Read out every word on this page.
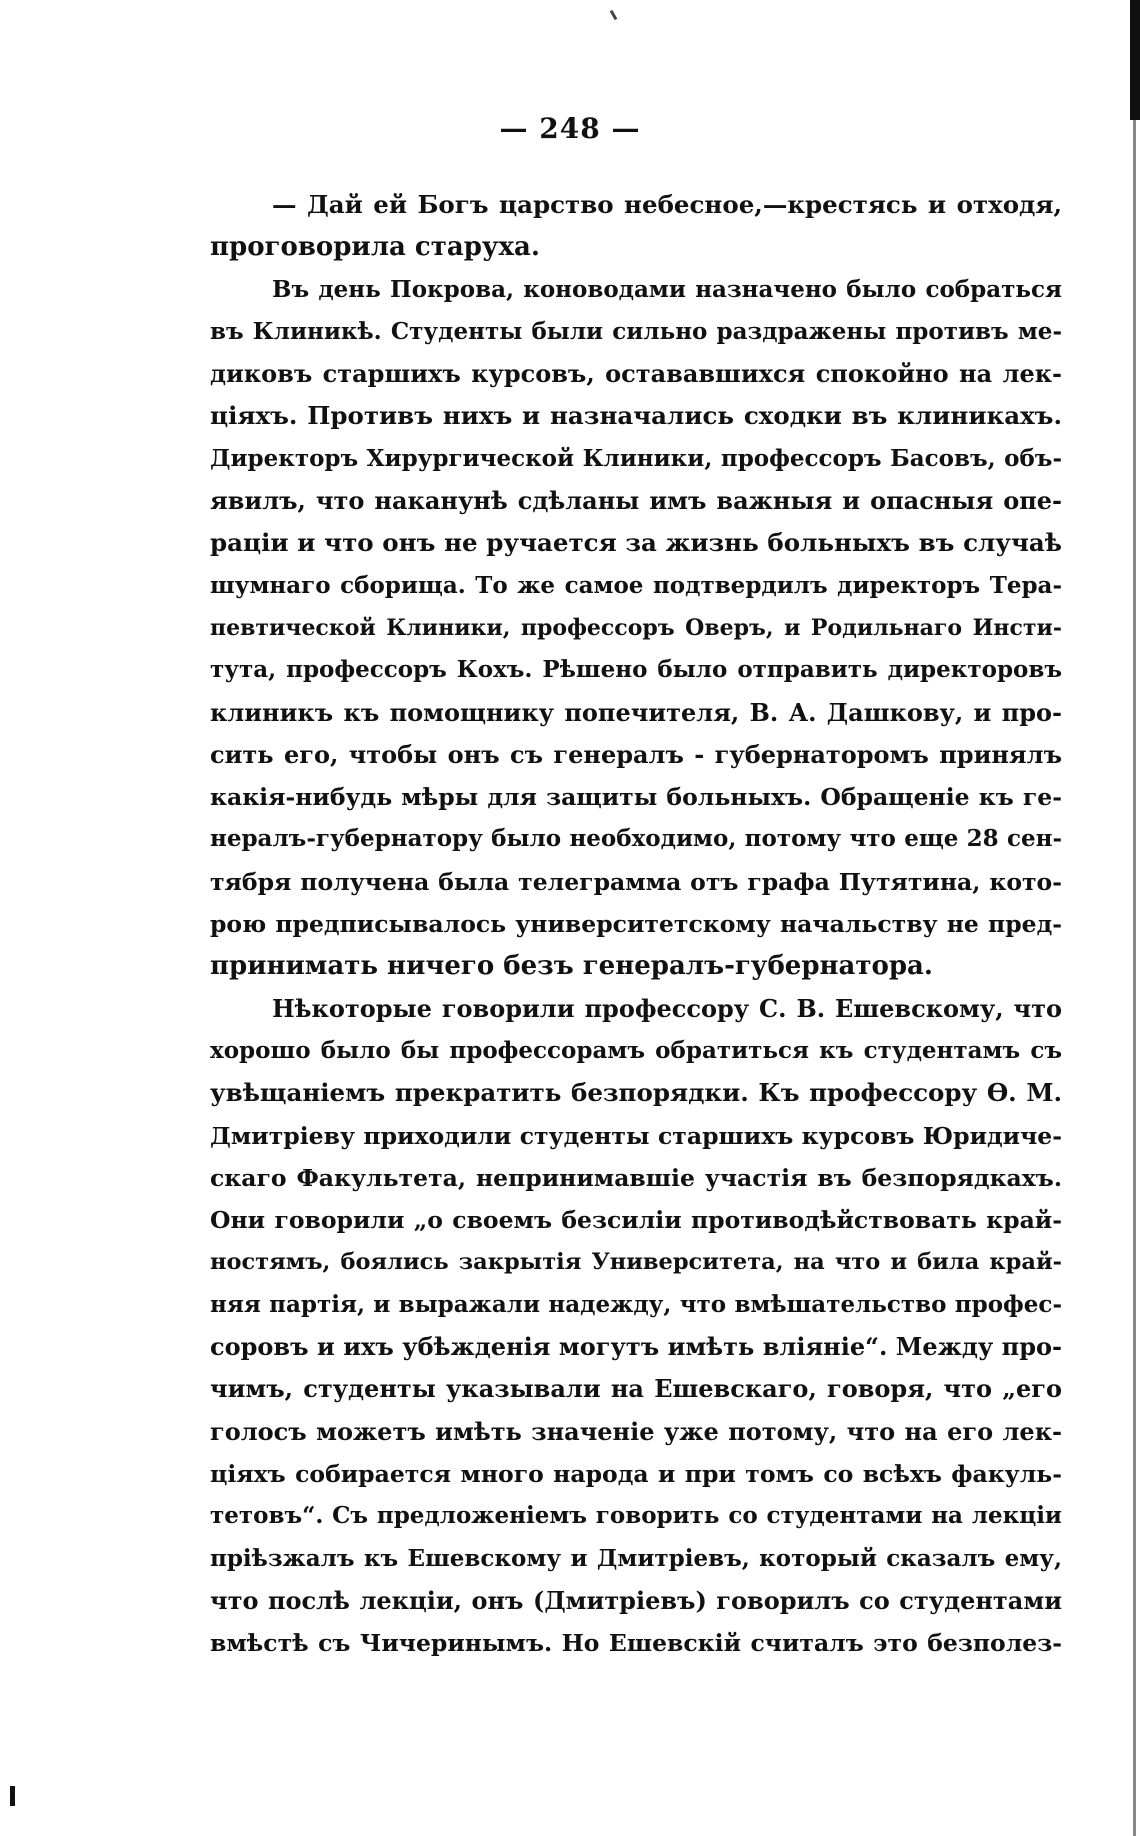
— 248 —
— Дай ей Богъ царство небесное,—крестясь и отходя,
проговорила старуха.
Въ день Покрова, коноводами назначено было собраться
въ Клиникѣ. Студенты были сильно раздражены противъ ме-
диковъ старшихъ курсовъ, остававшихся спокойно на лек-
ціяхъ. Противъ нихъ и назначались сходки въ клиникахъ.
Директоръ Хирургической Клиники, профессоръ Басовъ, объ-
явилъ, что наканунѣ сдѣланы имъ важныя и опасныя опе-
раціи и что онъ не ручается за жизнь больныхъ въ случаѣ
шумнаго сборища. То же самое подтвердилъ директоръ Тера-
певтической Клиники, профессоръ Оверъ, и Родильнаго Инсти-
тута, профессоръ Кохъ. Рѣшено было отправить директоровъ
клиникъ къ помощнику попечителя, В. А. Дашкову, и про-
сить его, чтобы онъ съ генералъ - губернаторомъ принялъ
какія-нибудь мѣры для защиты больныхъ. Обращеніе къ ге-
нералъ-губернатору было необходимо, потому что еще 28 сен-
тября получена была телеграмма отъ графа Путятина, кото-
рою предписывалось университетскому начальству не пред-
принимать ничего безъ генералъ-губернатора.
Нѣкоторые говорили профессору С. В. Ешевскому, что
хорошо было бы профессорамъ обратиться къ студентамъ съ
увѣщаніемъ прекратить безпорядки. Къ профессору Ѳ. М.
Дмитріеву приходили студенты старшихъ курсовъ Юридиче-
скаго Факультета, непринимавшіе участія въ безпорядкахъ.
Они говорили „о своемъ безсиліи противодѣйствовать край-
ностямъ, боялись закрытія Университета, на что и била край-
няя партія, и выражали надежду, что вмѣшательство профес-
соровъ и ихъ убѣжденія могутъ имѣть вліяніе“. Между про-
чимъ, студенты указывали на Ешевскаго, говоря, что „его
голосъ можетъ имѣть значеніе уже потому, что на его лек-
ціяхъ собирается много народа и при томъ со всѣхъ факуль-
тетовъ“. Съ предложеніемъ говорить со студентами на лекціи
пріѣзжалъ къ Ешевскому и Дмитріевъ, который сказалъ ему,
что послѣ лекціи, онъ (Дмитріевъ) говорилъ со студентами
вмѣстѣ съ Чичеринымъ. Но Ешевскій считалъ это безполез-
